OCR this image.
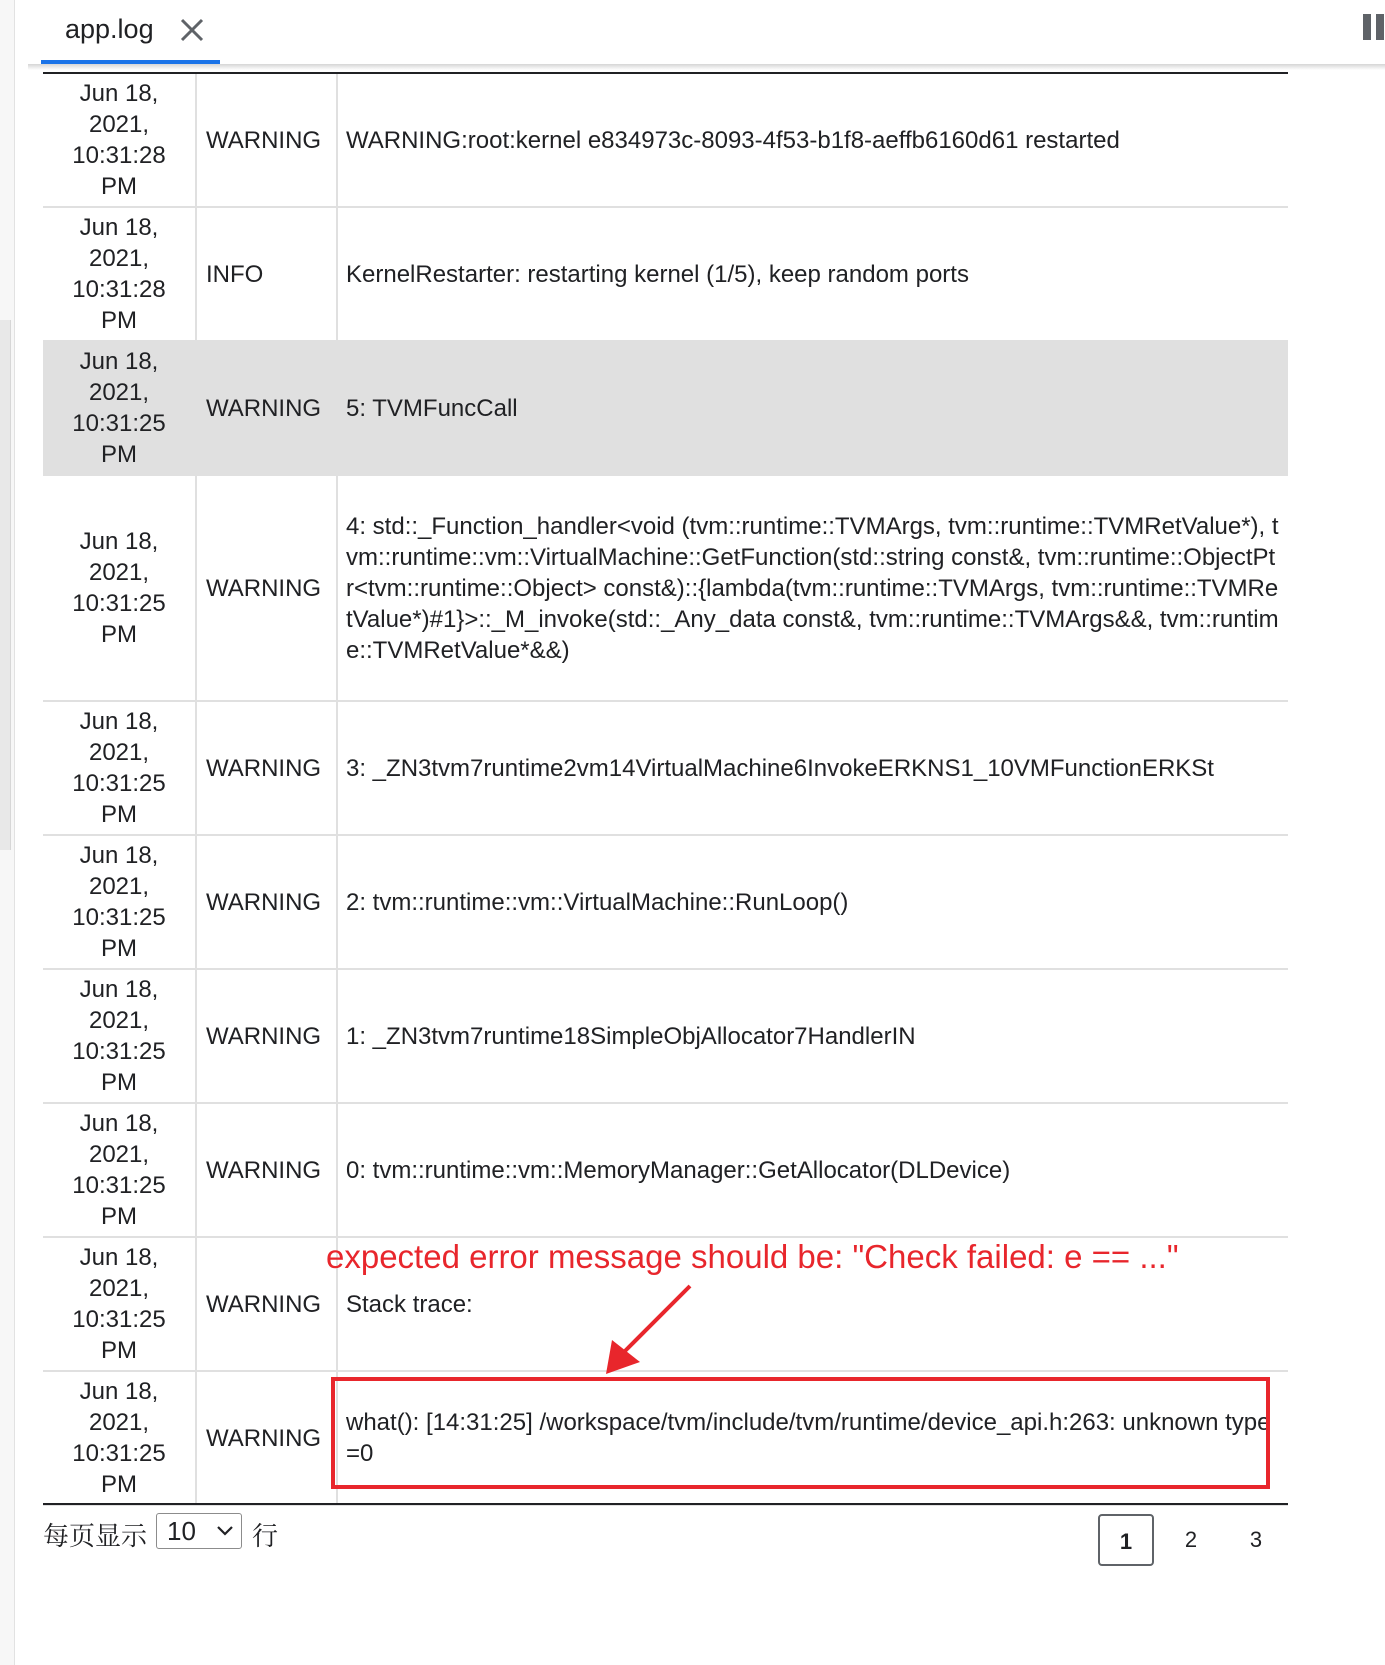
app.log
Jun 18, 2021, 10:31:28 PM
WARNING	WARNING:root:kernel e834973c-8093-4f53-b1f8-aeffb6160d61 restarted
Jun 18, 2021, 10:31:28 PM
INFO	KernelRestarter: restarting kernel (1/5), keep random ports
Jun 18, 2021, 10:31:25 PM
WARNING	5: TVMFuncCall
Jun 18, 2021, 10:31:25 PM
WARNING
4: std::_Function_handler<void (tvm::runtime::TVMArgs, tvm::runtime::TVMRetValue*), tvm::runtime::vm::VirtualMachine::GetFunction(std::string const&, tvm::runtime::ObjectPtr<tvm::runtime::Object> const&)::{lambda(tvm::runtime::TVMArgs, tvm::runtime::TVMRetValue*)#1}>::_M_invoke(std::_Any_data const&, tvm::runtime::TVMArgs&&, tvm::runtime::TVMRetValue*&&)
Jun 18, 2021, 10:31:25 PM
WARNING	3: _ZN3tvm7runtime2vm14VirtualMachine6InvokeERKNS1_10VMFunctionERKSt
Jun 18, 2021, 10:31:25 PM
WARNING	2: tvm::runtime::vm::VirtualMachine::RunLoop()
Jun 18, 2021, 10:31:25 PM
WARNING	1: _ZN3tvm7runtime18SimpleObjAllocator7HandlerIN
Jun 18, 2021, 10:31:25 PM
WARNING	0: tvm::runtime::vm::MemoryManager::GetAllocator(DLDevice)
Jun 18, 2021, 10:31:25 PM
WARNING	Stack trace:
Jun 18, 2021, 10:31:25 PM
WARNING
what(): [14:31:25] /workspace/tvm/include/tvm/runtime/device_api.h:263: unknown type =0
expected error message should be: "Check failed: e == ..."
每页显示 10 行	1	2	3
